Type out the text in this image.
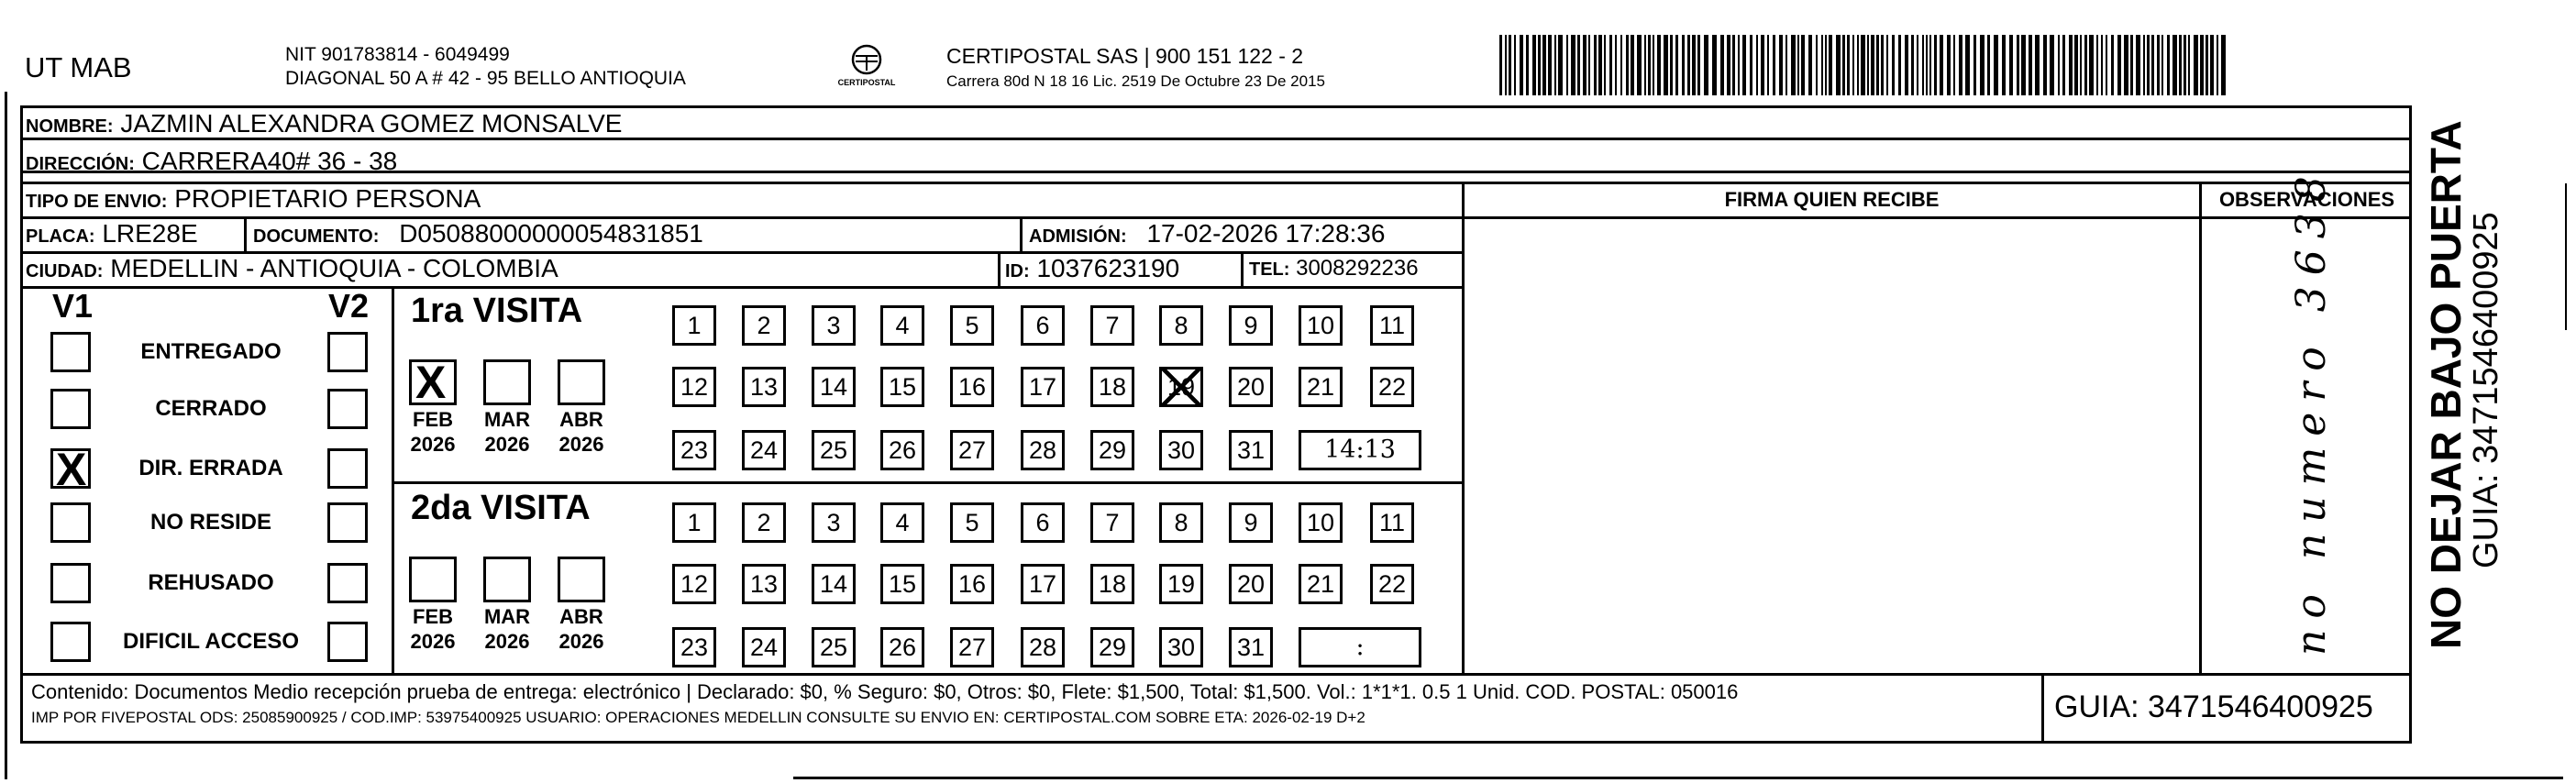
UT MAB	NIT 901783814 - 6049499
DIAGONAL 50 A # 42 - 95 BELLO ANTIOQUIA	CERTIPOSTAL
CERTIPOSTAL SAS | 900 151 122 - 2
Carrera 80d N 18 16 Lic. 2519 De Octubre 23 De 2015
NOMBRE: JAZMIN ALEXANDRA GOMEZ MONSALVE
DIRECCIÓN: CARRERA40# 36 - 38
TIPO DE ENVIO: PROPIETARIO PERSONA
PLACA: LRE28E	DOCUMENTO: D05088000000054831851	ADMISIÓN: 17-02-2026 17:28:36
CIUDAD: MEDELLIN - ANTIOQUIA - COLOMBIA	ID: 1037623190	TEL: 3008292236
FIRMA QUIEN RECIBE	OBSERVACIONES
no numero 3638
V1	V2
ENTREGADO
CERRADO
X	DIR. ERRADA
NO RESIDE
REHUSADO
DIFICIL ACCESO
1ra VISITA
X
FEB
2026
MAR
2026
ABR
2026
1	2	3	4	5	6	7	8	9	10	11
12	13	14	15	16	17	18	19	20	21	22
23	24	25	26	27	28	29	30	31	14:13
2da VISITA
FEB
2026
MAR
2026
ABR
2026
1	2	3	4	5	6	7	8	9	10	11
12	13	14	15	16	17	18	19	20	21	22
23	24	25	26	27	28	29	30	31	:
Contenido: Documentos Medio recepción prueba de entrega: electrónico | Declarado: $0, % Seguro: $0, Otros: $0, Flete: $1,500, Total: $1,500. Vol.: 1*1*1. 0.5 1 Unid. COD. POSTAL: 050016
IMP POR FIVEPOSTAL ODS: 25085900925 / COD.IMP: 53975400925 USUARIO: OPERACIONES MEDELLIN CONSULTE SU ENVIO EN: CERTIPOSTAL.COM SOBRE ETA: 2026-02-19 D+2	GUIA: 3471546400925
NO DEJAR BAJO PUERTA
GUIA: 3471546400925
